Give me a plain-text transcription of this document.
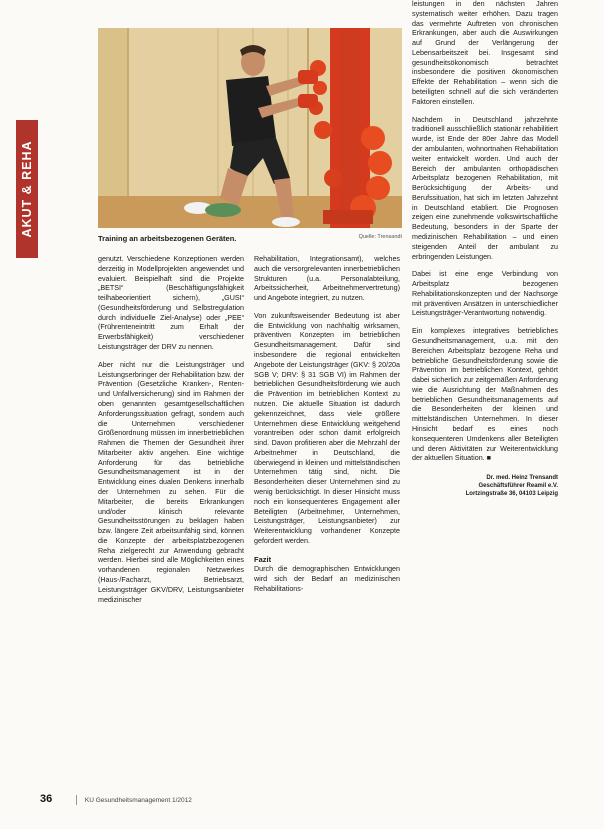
AKUT & REHA
Training an arbeitsbezogenen Geräten.	Quelle: Trensandt

genutzt. Verschiedene Konzeptionen werden derzeitig in Modellprojekten angewendet und evaluiert. Beispielhaft sind die Projekte „BETSI“ (Beschäftigungsfähigkeit teilhabeorientiert sichern), „GUSI“ (Gesundheitsförderung und Selbstregulation durch individuelle Ziel-Analyse) oder „PEE“ (Frührenteneintritt zum Erhalt der Erwerbsfähigkeit) verschiedener Leistungsträger der DRV zu nennen.

Aber nicht nur die Leistungsträger und Leistungserbringer der Rehabilitation bzw. der Prävention (Gesetzliche Kranken-, Renten- und Unfallversicherung) sind im Rahmen der oben genannten gesamtgesellschaftlichen Anforderungssituation gefragt, sondern auch die Unternehmen verschiedener Größenordnung müssen im innerbetrieblichen Rahmen die Themen der Gesundheit ihrer Mitarbeiter aktiv angehen. Eine wichtige Anforderung für das betriebliche Gesundheitsmanagement ist in der Entwicklung eines dualen Denkens innerhalb der Unternehmen zu sehen. Für die Mitarbeiter, die bereits Erkrankungen und/oder klinisch relevante Gesundheitsstörungen zu beklagen haben bzw. längere Zeit arbeitsunfähig sind, können die Konzepte der arbeitsplatzbezogenen Reha zielgerecht zur Anwendung gebracht werden. Hierbei sind alle Möglichkeiten eines vorhandenen regionalen Netzwerkes (Haus-/Facharzt, Betriebsarzt, Leistungsträger GKV/DRV, Leistungsanbieter medizinischer

Rehabilitation, Integrationsamt), welches auch die versorgrelevanten innerbetrieblichen Strukturen (u.a. Personalabteilung, Arbeitssicherheit, Arbeitnehmervertretung) und Angebote integriert, zu nutzen.

Von zukunftsweisender Bedeutung ist aber die Entwicklung von nachhaltig wirksamen, präventiven Konzepten im betrieblichen Gesundheitsmanagement. Dafür sind insbesondere die regional entwickelten Angebote der Leistungsträger (GKV: § 20/20a SGB V; DRV: § 31 SGB VI) im Rahmen der betrieblichen Gesundheitsförderung wie auch die Prävention im betrieblichen Kontext zu nutzen. Die aktuelle Situation ist dadurch gekennzeichnet, dass viele größere Unternehmen diese Entwicklung weitgehend vorantreiben oder schon damit erfolgreich sind. Davon profitieren aber die Mehrzahl der Arbeitnehmer in Deutschland, die überwiegend in kleinen und mittelständischen Unternehmen tätig sind, nicht. Die Besonderheiten dieser Unternehmen sind zu wenig berücksichtigt. In dieser Hinsicht muss noch ein konsequenteres Engagement aller Beteiligten (Arbeitnehmer, Unternehmen, Leistungsträger, Leistungsanbieter) zur Weiterentwicklung vorhandener Konzepte gefordert werden.

Fazit

Durch die demographischen Entwicklungen wird sich der Bedarf an medizinischen Rehabilitations-

leistungen in den nächsten Jahren systematisch weiter erhöhen. Dazu tragen das vermehrte Auftreten von chronischen Erkrankungen, aber auch die Auswirkungen auf Grund der Verlängerung der Lebensarbeitszeit bei. Insgesamt sind gesundheitsökonomisch betrachtet insbesondere die positiven ökonomischen Effekte der Rehabilitation – wenn sich die beteiligten schnell auf die sich veränderten Faktoren einstellen.

Nachdem in Deutschland jahrzehnte traditionell ausschließlich stationär rehabilitiert wurde, ist Ende der 80er Jahre das Modell der ambulanten, wohnortnahen Rehabilitation weiter entwickelt worden. Und auch der Bereich der ambulanten orthopädischen Arbeitsplatz bezogenen Rehabilitation, mit Berücksichtigung der Arbeits- und Berufssituation, hat sich im letzten Jahrzehnt in Deutschland etabliert. Die Prognosen zeigen eine zunehmende volkswirtschaftliche Bedeutung, besonders in der Sparte der medizinischen Rehabilitation – und einen steigenden Anteil der ambulant zu erbringenden Leistungen.

Dabei ist eine enge Verbindung von Arbeitsplatz bezogenen Rehabilitationskonzepten und der Nachsorge mit präventiven Ansätzen in unterschiedlicher Leistungsträger-Verantwortung notwendig.

Ein komplexes integratives betriebliches Gesundheitsmanagement, u.a. mit den Bereichen Arbeitsplatz bezogene Reha und betriebliche Gesundheitsförderung sowie die Prävention im betrieblichen Kontext, gehört dabei sicherlich zur zeitgemäßen Anforderung wie die Ausrichtung der Maßnahmen des betrieblichen Gesundheitsmanagements auf die Besonderheiten der kleinen und mittelständischen Unternehmen. In dieser Hinsicht bedarf es eines noch konsequenteren Umdenkens aller Beteiligten und deren Aktivitäten zur Weiterentwicklung der aktuellen Situation. ■

Dr. med. Heinz Trensandt
Geschäftsführer Reamil e.V.
Lortzingstraße 36, 04103 Leipzig
36	KU Gesundheitsmanagement 1/2012
